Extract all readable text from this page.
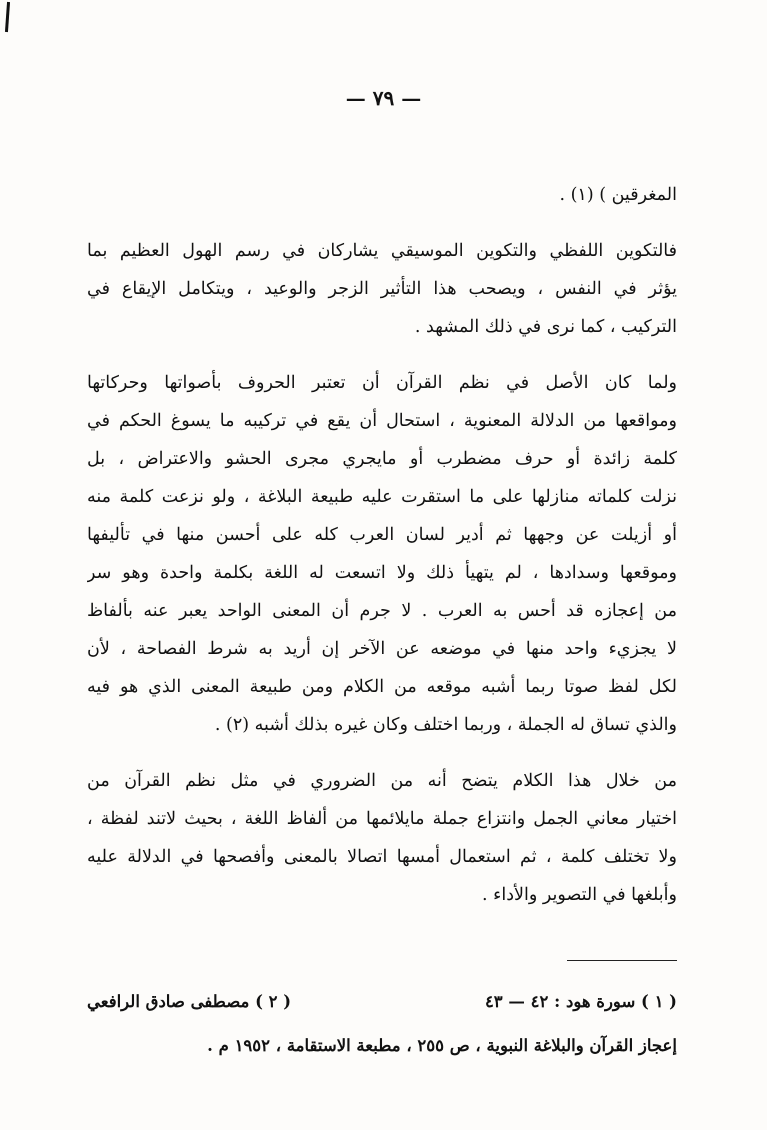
— ٧٩ —
المغرقين ) (١) .
فالتكوين اللفظي والتكوين الموسيقي يشاركان في رسم الهول العظيم بما
يؤثر في النفس ، ويصحب هذا التأثير الزجر والوعيد ، ويتكامل الإيقاع في
التركيب ، كما نرى في ذلك المشهد .
ولما كان الأصل في نظم القرآن أن تعتبر الحروف بأصواتها وحركاتها
ومواقعها من الدلالة المعنوية ، استحال أن يقع في تركيبه ما يسوغ الحكم في
كلمة زائدة أو حرف مضطرب أو مايجري مجرى الحشو والاعتراض ، بل
نزلت كلماته منازلها على ما استقرت عليه طبيعة البلاغة ، ولو نزعت كلمة منه
أو أزيلت عن وجهها ثم أدير لسان العرب كله على أحسن منها في تأليفها
وموقعها وسدادها ، لم يتهيأ ذلك ولا اتسعت له اللغة بكلمة واحدة وهو سر
من إعجازه قد أحس به العرب . لا جرم أن المعنى الواحد يعبر عنه بألفاظ
لا يجزيء واحد منها في موضعه عن الآخر إن أريد به شرط الفصاحة ، لأن
لكل لفظ صوتا ربما أشبه موقعه من الكلام ومن طبيعة المعنى الذي هو فيه
والذي تساق له الجملة ، وربما اختلف وكان غيره بذلك أشبه (٢) .
من خلال هذا الكلام يتضح أنه من الضروري في مثل نظم القرآن من
اختيار معاني الجمل وانتزاع جملة مايلائمها من ألفاظ اللغة ، بحيث لاتند لفظة ،
ولا تختلف كلمة ، ثم استعمال أمسها اتصالا بالمعنى وأفصحها في الدلالة عليه
وأبلغها في التصوير والأداء .
( ١ ) سورة هود : ٤٢ — ٤٣
( ٢ ) مصطفى صادق الرافعي
إعجاز القرآن والبلاغة النبوية ، ص ٢٥٥ ، مطبعة الاستقامة ، ١٩٥٢ م .
